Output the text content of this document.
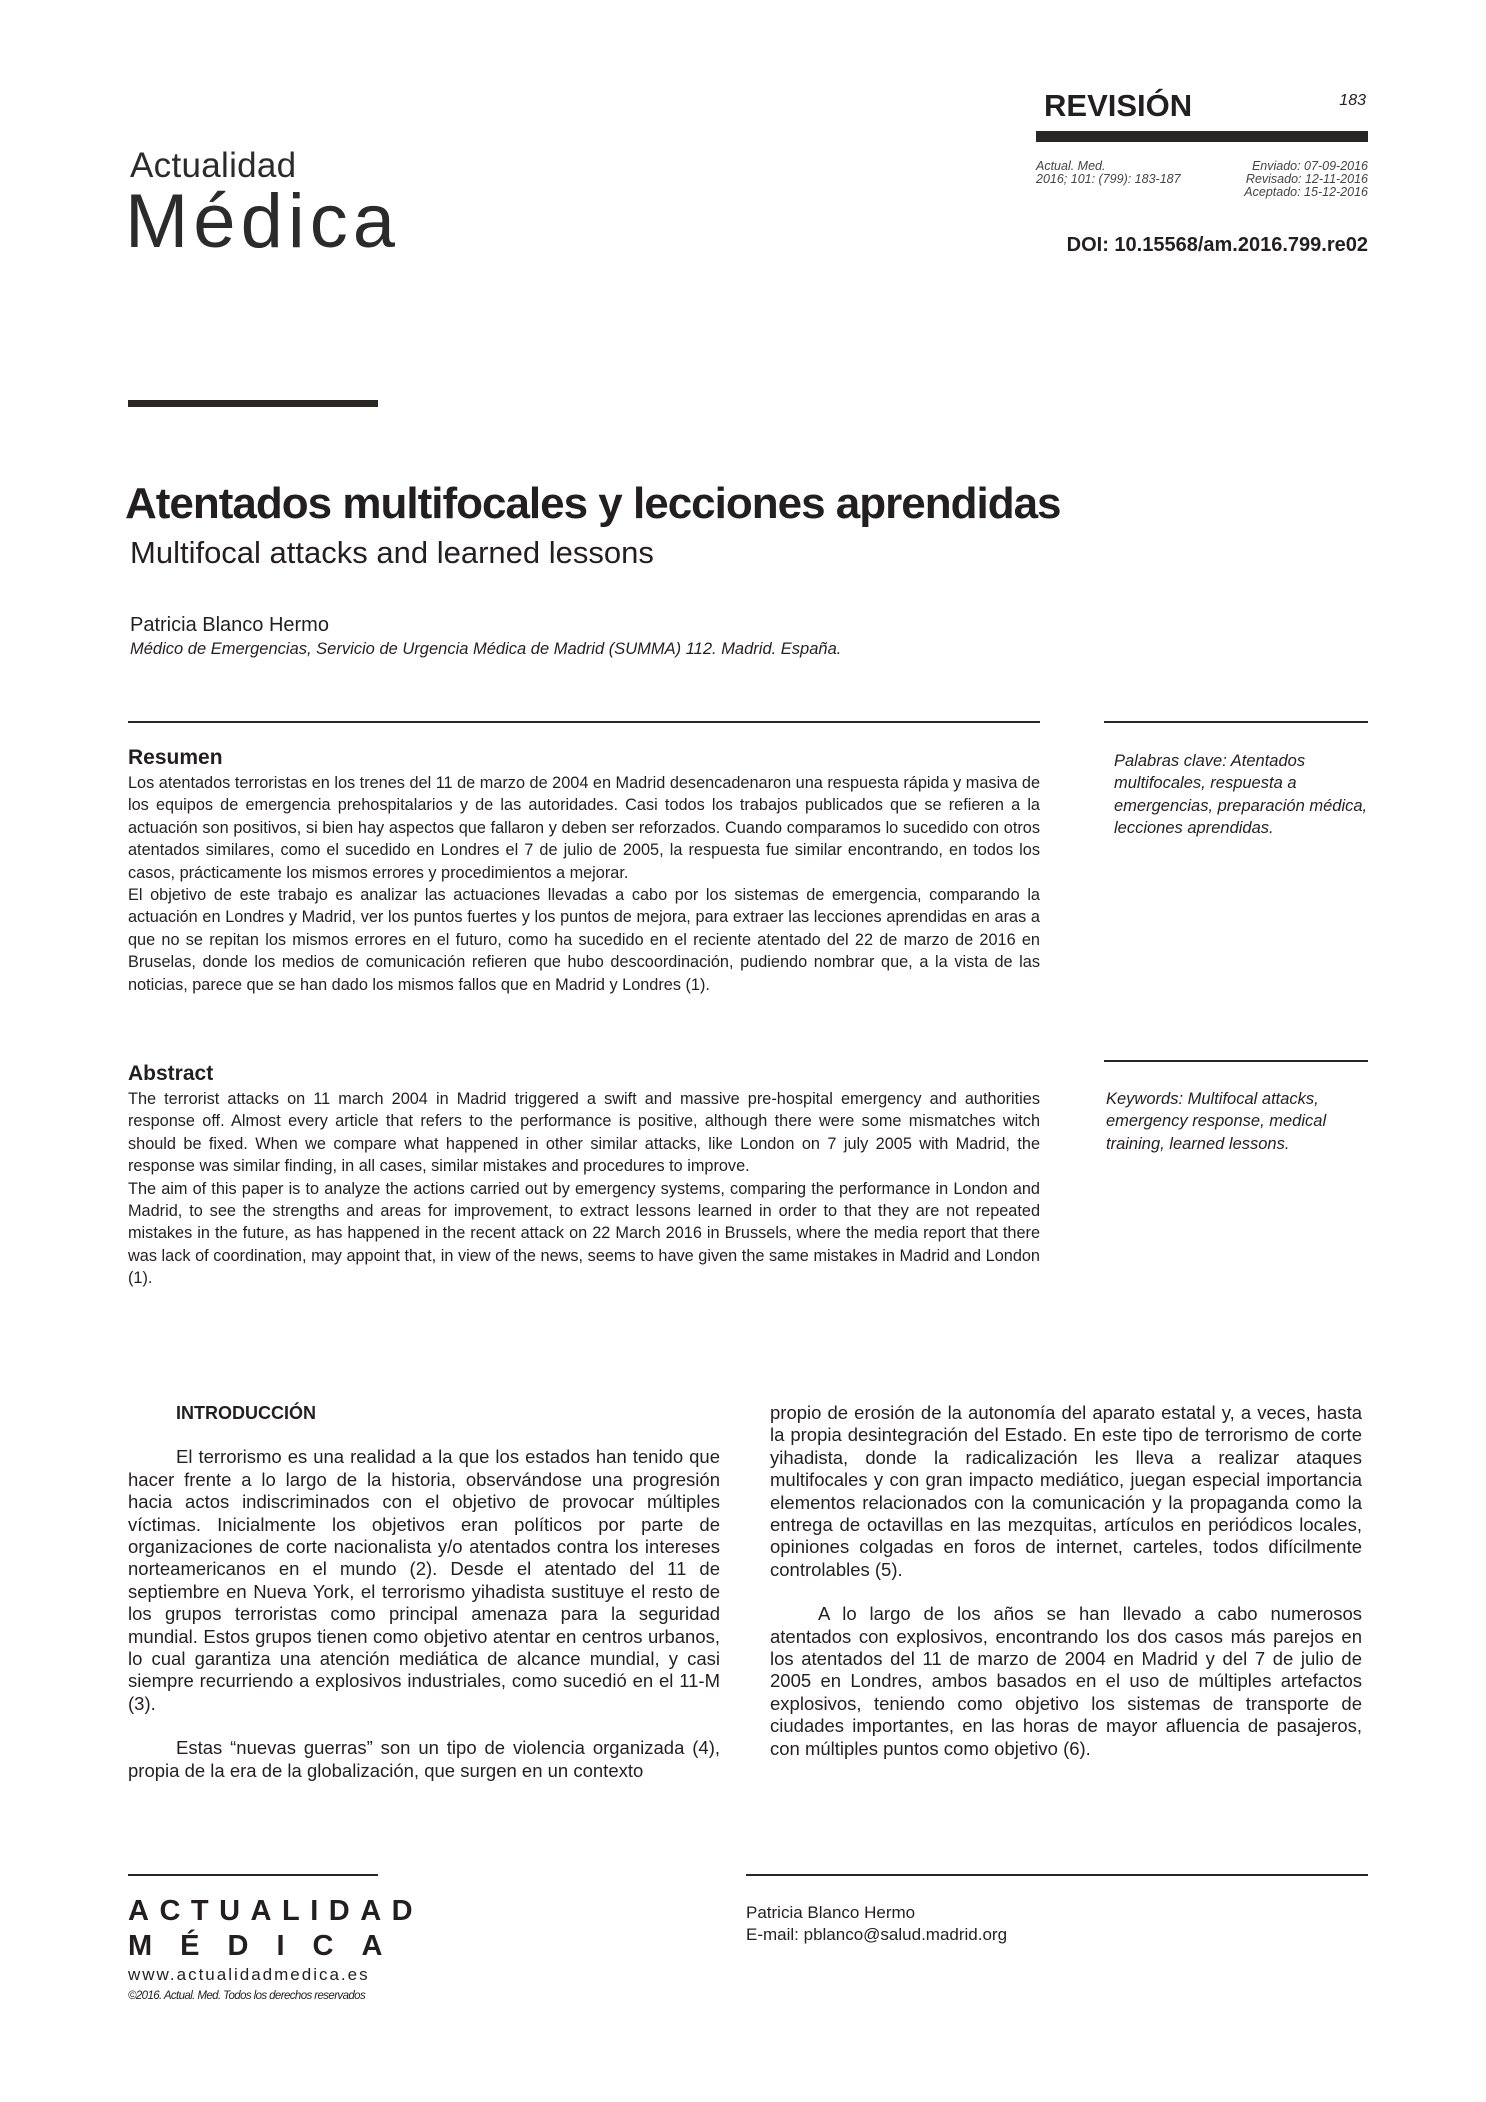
Actualidad
Médica
REVISIÓN	183
Actual. Med.
2016; 101: (799): 183-187
Enviado: 07-09-2016
Revisado: 12-11-2016
Aceptado: 15-12-2016
DOI: 10.15568/am.2016.799.re02
Atentados multifocales y lecciones aprendidas
Multifocal attacks and learned lessons
Patricia Blanco Hermo
Médico de Emergencias, Servicio de Urgencia Médica de Madrid (SUMMA) 112. Madrid. España.
Resumen

Los atentados terroristas en los trenes del 11 de marzo de 2004 en Madrid desencadenaron una respuesta rápida y masiva de los equipos de emergencia prehospitalarios y de las autoridades. Casi todos los trabajos publicados que se refieren a la actuación son positivos, si bien hay aspectos que fallaron y deben ser reforzados. Cuando comparamos lo sucedido con otros atentados similares, como el sucedido en Londres el 7 de julio de 2005, la respuesta fue similar encontrando, en todos los casos, prácticamente los mismos errores y procedimientos a mejorar.

El objetivo de este trabajo es analizar las actuaciones llevadas a cabo por los sistemas de emergencia, comparando la actuación en Londres y Madrid, ver los puntos fuertes y los puntos de mejora, para extraer las lecciones aprendidas en aras a que no se repitan los mismos errores en el futuro, como ha sucedido en el reciente atentado del 22 de marzo de 2016 en Bruselas, donde los medios de comunicación refieren que hubo descoordinación, pudiendo nombrar que, a la vista de las noticias, parece que se han dado los mismos fallos que en Madrid y Londres (1).

Palabras clave: Atentados multifocales, respuesta a emergencias, preparación médica, lecciones aprendidas.
Abstract

The terrorist attacks on 11 march 2004 in Madrid triggered a swift and massive pre-hospital emergency and authorities response off. Almost every article that refers to the performance is positive, although there were some mismatches witch should be fixed. When we compare what happened in other similar attacks, like London on 7 july 2005 with Madrid, the response was similar finding, in all cases, similar mistakes and procedures to improve.

The aim of this paper is to analyze the actions carried out by emergency systems, comparing the performance in London and Madrid, to see the strengths and areas for improvement, to extract lessons learned in order to that they are not repeated mistakes in the future, as has happened in the recent attack on 22 March 2016 in Brussels, where the media report that there was lack of coordination, may appoint that, in view of the news, seems to have given the same mistakes in Madrid and London (1).

Keywords: Multifocal attacks, emergency response, medical training, learned lessons.
INTRODUCCIÓN

El terrorismo es una realidad a la que los estados han tenido que hacer frente a lo largo de la historia, observándose una progresión hacia actos indiscriminados con el objetivo de provocar múltiples víctimas. Inicialmente los objetivos eran políticos por parte de organizaciones de corte nacionalista y/o atentados contra los intereses norteamericanos en el mundo (2). Desde el atentado del 11 de septiembre en Nueva York, el terrorismo yihadista sustituye el resto de los grupos terroristas como principal amenaza para la seguridad mundial. Estos grupos tienen como objetivo atentar en centros urbanos, lo cual garantiza una atención mediática de alcance mundial, y casi siempre recurriendo a explosivos industriales, como sucedió en el 11-M (3).

Estas “nuevas guerras” son un tipo de violencia organizada (4), propia de la era de la globalización, que surgen en un contexto

propio de erosión de la autonomía del aparato estatal y, a veces, hasta la propia desintegración del Estado. En este tipo de terrorismo de corte yihadista, donde la radicalización les lleva a realizar ataques multifocales y con gran impacto mediático, juegan especial importancia elementos relacionados con la comunicación y la propaganda como la entrega de octavillas en las mezquitas, artículos en periódicos locales, opiniones colgadas en foros de internet, carteles, todos difícilmente controlables (5).

A lo largo de los años se han llevado a cabo numerosos atentados con explosivos, encontrando los dos casos más parejos en los atentados del 11 de marzo de 2004 en Madrid y del 7 de julio de 2005 en Londres, ambos basados en el uso de múltiples artefactos explosivos, teniendo como objetivo los sistemas de transporte de ciudades importantes, en las horas de mayor afluencia de pasajeros, con múltiples puntos como objetivo (6).

ACTUALIDAD
MÉDICA
www.actualidadmedica.es
©2016. Actual. Med. Todos los derechos reservados
Patricia Blanco Hermo
E-mail: pblanco@salud.madrid.org
